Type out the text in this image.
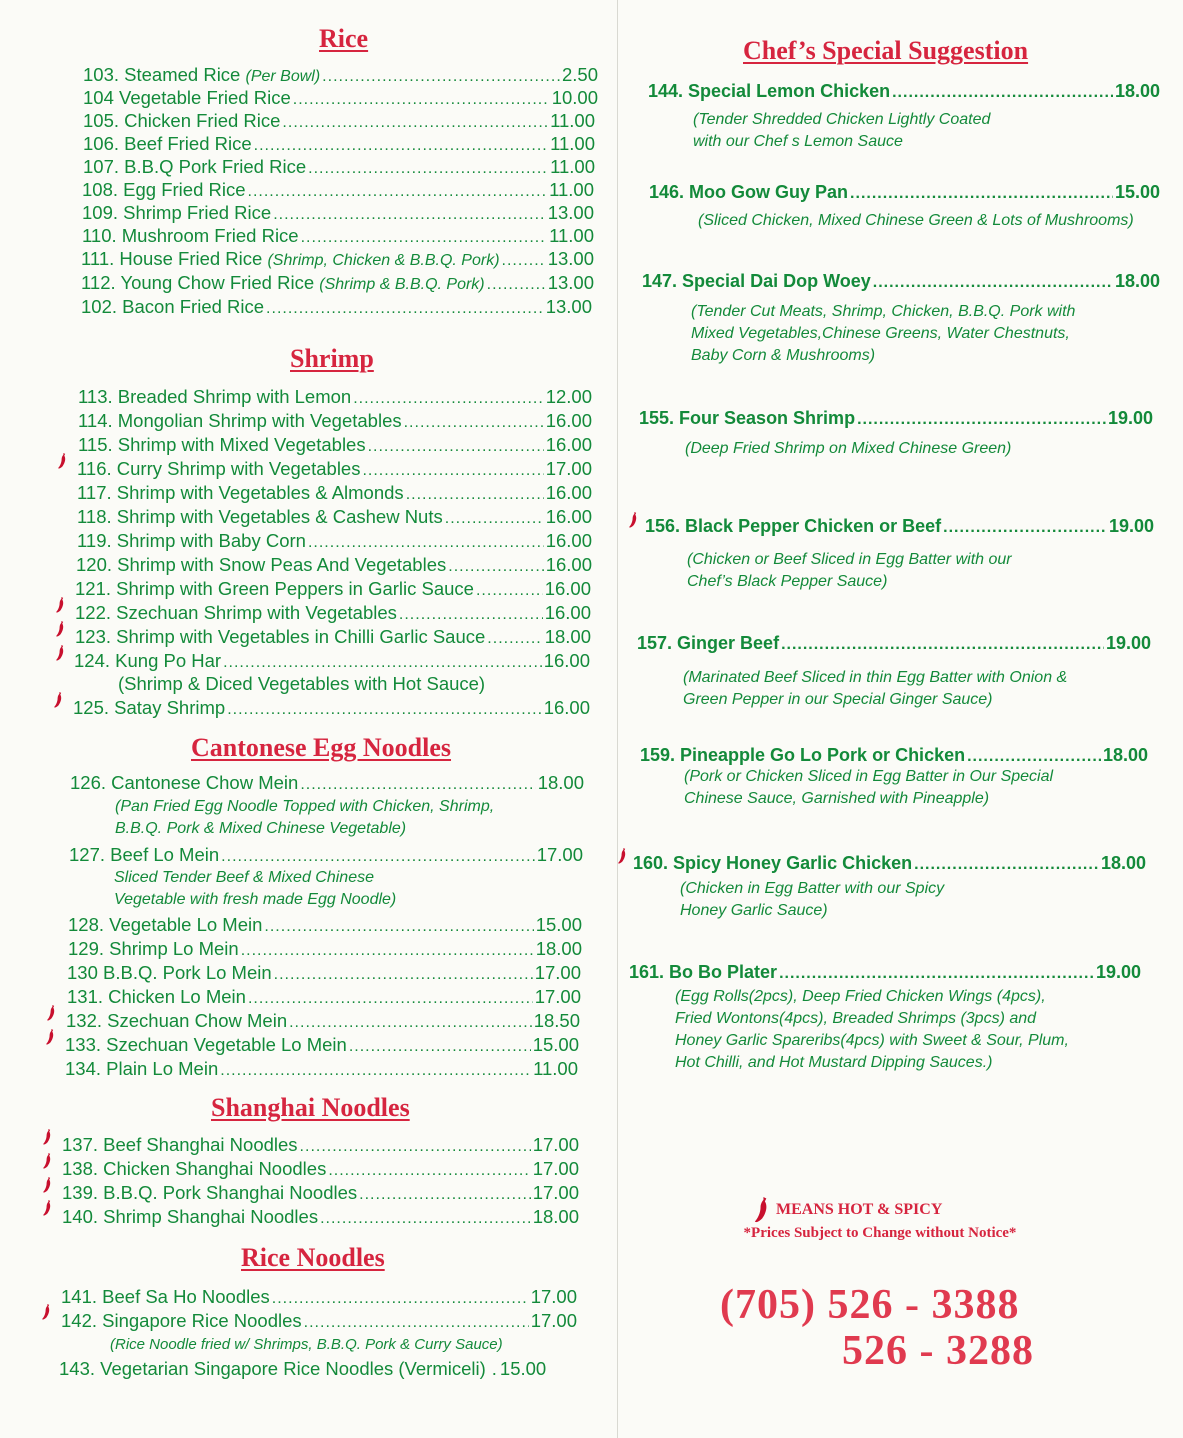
Rice
103. Steamed Rice (Per Bowl) .....	2.50
104 Vegetable Fried Rice .....	10.00
105. Chicken Fried Rice .....	11.00
106. Beef Fried Rice .....	11.00
107. B.B.Q Pork Fried Rice .....	11.00
108. Egg Fried Rice .....	11.00
109. Shrimp Fried Rice .....	13.00
110. Mushroom Fried Rice .....	11.00
111. House Fried Rice (Shrimp, Chicken & B.B.Q. Pork) .....	13.00
112. Young Chow Fried Rice (Shrimp & B.B.Q. Pork) .....	13.00
102. Bacon Fried Rice .....	13.00
Shrimp
113. Breaded Shrimp with Lemon .....	12.00
114. Mongolian Shrimp with Vegetables .....	16.00
115. Shrimp with Mixed Vegetables .....	16.00
116. Curry Shrimp with Vegetables .....	17.00
117. Shrimp with Vegetables & Almonds .....	16.00
118. Shrimp with Vegetables & Cashew Nuts .....	16.00
119. Shrimp with Baby Corn .....	16.00
120. Shrimp with Snow Peas And Vegetables .....	16.00
121. Shrimp with Green Peppers in Garlic Sauce .....	16.00
122. Szechuan Shrimp with Vegetables .....	16.00
123. Shrimp with Vegetables in Chilli Garlic Sauce .....	18.00
124. Kung Po Har .....	16.00
(Shrimp & Diced Vegetables with Hot Sauce)
125. Satay Shrimp .....	16.00
Cantonese Egg Noodles
126. Cantonese Chow Mein .....	18.00

(Pan Fried Egg Noodle Topped with Chicken, Shrimp,
B.B.Q. Pork & Mixed Chinese Vegetable)

127. Beef Lo Mein .....	17.00

Sliced Tender Beef & Mixed Chinese
Vegetable with fresh made Egg Noodle)

128. Vegetable Lo Mein .....	15.00
129. Shrimp Lo Mein .....	18.00
130 B.B.Q. Pork Lo Mein .....	17.00
131. Chicken Lo Mein .....	17.00
132. Szechuan Chow Mein .....	18.50
133. Szechuan Vegetable Lo Mein .....	15.00
134. Plain Lo Mein .....	11.00
Shanghai Noodles
137. Beef Shanghai Noodles .....	17.00
138. Chicken Shanghai Noodles .....	17.00
139. B.B.Q. Pork Shanghai Noodles .....	17.00
140. Shrimp Shanghai Noodles .....	18.00
Rice Noodles
141. Beef Sa Ho Noodles .....	17.00
142. Singapore Rice Noodles .....	17.00

(Rice Noodle fried w/ Shrimps, B.B.Q. Pork & Curry Sauce)

143. Vegetarian Singapore Rice Noodles (Vermiceli) . 15.00
Chef’s Special Suggestion
144. Special Lemon Chicken .....	18.00

(Tender Shredded Chicken Lightly Coated
with our Chef s Lemon Sauce

146. Moo Gow Guy Pan .....	15.00

(Sliced Chicken, Mixed Chinese Green & Lots of Mushrooms)

147. Special Dai Dop Woey .....	18.00

(Tender Cut Meats, Shrimp, Chicken, B.B.Q. Pork with
Mixed Vegetables,Chinese Greens, Water Chestnuts,
Baby Corn & Mushrooms)

155. Four Season Shrimp .....	19.00

(Deep Fried Shrimp on Mixed Chinese Green)

156. Black Pepper Chicken or Beef .....	19.00

(Chicken or Beef Sliced in Egg Batter with our
Chef’s Black Pepper Sauce)

157. Ginger Beef .....	19.00

(Marinated Beef Sliced in thin Egg Batter with Onion &
Green Pepper in our Special Ginger Sauce)

159. Pineapple Go Lo Pork or Chicken .....	18.00

(Pork or Chicken Sliced in Egg Batter in Our Special
Chinese Sauce, Garnished with Pineapple)

160. Spicy Honey Garlic Chicken .....	18.00

(Chicken in Egg Batter with our Spicy
Honey Garlic Sauce)

161. Bo Bo Plater .....	19.00

(Egg Rolls(2pcs), Deep Fried Chicken Wings (4pcs),
Fried Wontons(4pcs), Breaded Shrimps (3pcs) and
Honey Garlic Spareribs(4pcs) with Sweet & Sour, Plum,
Hot Chilli, and Hot Mustard Dipping Sauces.)

MEANS HOT & SPICY
*Prices Subject to Change without Notice*
(705) 526 - 3388
526 - 3288
